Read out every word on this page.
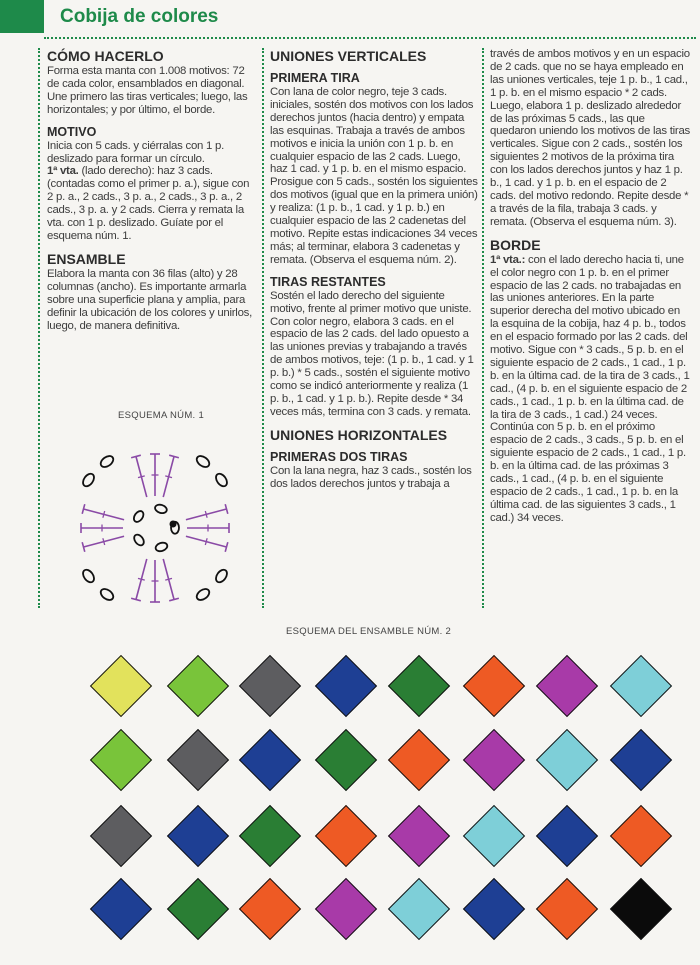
Cobija de colores
CÓMO HACERLO

Forma esta manta con 1.008 motivos: 72 de cada color, ensamblados en diagonal. Une primero las tiras verticales; luego, las horizontales; y por último, el borde.

MOTIVO

Inicia con 5 cads. y ciérralas con 1 p. deslizado para formar un círculo.

1ª vta. (lado derecho): haz 3 cads. (contadas como el primer p. a.), sigue con 2 p. a., 2 cads., 3 p. a., 2 cads., 3 p. a., 2 cads., 3 p. a. y 2 cads. Cierra y remata la vta. con 1 p. deslizado. Guíate por el esquema núm. 1.

ENSAMBLE

Elabora la manta con 36 filas (alto) y 28 columnas (ancho). Es importante armarla sobre una superficie plana y amplia, para definir la ubicación de los colores y unirlos, luego, de manera definitiva.

ESQUEMA NÚM. 1
UNIONES VERTICALES
PRIMERA TIRA

Con lana de color negro, teje 3 cads. iniciales, sostén dos motivos con los lados derechos juntos (hacia dentro) y empata las esquinas. Trabaja a través de ambos motivos e inicia la unión con 1 p. b. en cualquier espacio de las 2 cads. Luego, haz 1 cad. y 1 p. b. en el mismo espacio. Prosigue con 5 cads., sostén los siguientes dos motivos (igual que en la primera unión) y realiza: (1 p. b., 1 cad. y 1 p. b.) en cualquier espacio de las 2 cadenetas del motivo. Repite estas indicaciones 34 veces más; al terminar, elabora 3 cadenetas y remata. (Observa el esquema núm. 2).

TIRAS RESTANTES

Sostén el lado derecho del siguiente motivo, frente al primer motivo que uniste. Con color negro, elabora 3 cads. en el espacio de las 2 cads. del lado opuesto a las uniones previas y trabajando a través de ambos motivos, teje: (1 p. b., 1 cad. y 1 p. b.) * 5 cads., sostén el siguiente motivo como se indicó anteriormente y realiza (1 p. b., 1 cad. y 1 p. b.). Repite desde * 34 veces más, termina con 3 cads. y remata.

UNIONES HORIZONTALES
PRIMERAS DOS TIRAS

Con la lana negra, haz 3 cads., sostén los dos lados derechos juntos y trabaja a

través de ambos motivos y en un espacio de 2 cads. que no se haya empleado en las uniones verticales, teje 1 p. b., 1 cad., 1 p. b. en el mismo espacio * 2 cads. Luego, elabora 1 p. deslizado alrededor de las próximas 5 cads., las que quedaron uniendo los motivos de las tiras verticales. Sigue con 2 cads., sostén los siguientes 2 motivos de la próxima tira con los lados derechos juntos y haz 1 p. b., 1 cad. y 1 p. b. en el espacio de 2 cads. del motivo redondo. Repite desde * a través de la fila, trabaja 3 cads. y remata. (Observa el esquema núm. 3).

BORDE

1ª vta.: con el lado derecho hacia ti, une el color negro con 1 p. b. en el primer espacio de las 2 cads. no trabajadas en las uniones anteriores. En la parte superior derecha del motivo ubicado en la esquina de la cobija, haz 4 p. b., todos en el espacio formado por las 2 cads. del motivo. Sigue con * 3 cads., 5 p. b. en el siguiente espacio de 2 cads., 1 cad., 1 p. b. en la última cad. de la tira de 3 cads., 1 cad., (4 p. b. en el siguiente espacio de 2 cads., 1 cad., 1 p. b. en la última cad. de la tira de 3 cads., 1 cad.) 24 veces. Continúa con 5 p. b. en el próximo espacio de 2 cads., 3 cads., 5 p. b. en el siguiente espacio de 2 cads., 1 cad., 1 p. b. en la última cad. de las próximas 3 cads., 1 cad., (4 p. b. en el siguiente espacio de 2 cads., 1 cad., 1 p. b. en la última cad. de las siguientes 3 cads., 1 cad.) 34 veces.

ESQUEMA DEL ENSAMBLE NÚM. 2
